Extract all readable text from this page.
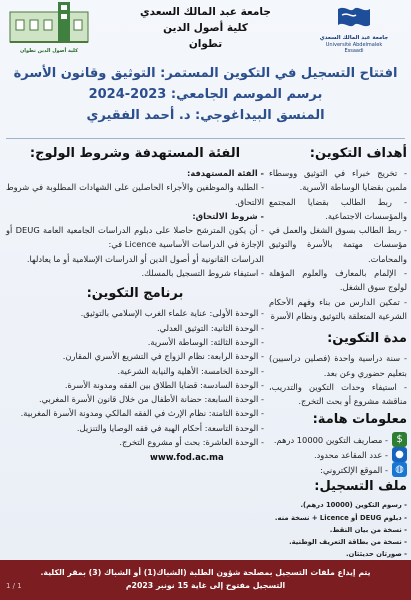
كلية أصول الدين تطوان
جامعة عبد المالك السعدي
كلية أصول الدين
تطوان	جامعة عبد المالك السعدي
Université Abdelmalek Essaadi
افتتاح التسجيل في التكوين المستمر: التوثيق وقانون الأسرة
برسم الموسم الجامعي: 2023-2024
المنسق البيداغوجي: د. أحمد الفقيري
أهداف التكوين:
- تخريج خبراء في التوثيق ووسطاء ملمين بقضايا الوساطة الأسرية.
- ربط الطالب بقضايا المجتمع والمؤسسات الاجتماعية.
- ربط الطالب بسوق الشغل والعمل في مؤسسات مهتمة بالأسرة والتوثيق والمحامات.
- الإلمام بالمعارف والعلوم المؤهلة لولوج سوق الشغل.
- تمكين الدارس من بناء وفهم الأحكام الشرعية المتعلقة بالتوثيق ونظام الأسرة
مدة التكوين:
- سنة دراسية واحدة (فصلين دراسيين) بتعليم حضوري وعن بعد.
- استيفاء وحدات التكوين والتدريب، مناقشة مشروع أو بحث التخرج.
معلومات هامة:
$
- مصاريف التكوين 10000 درهم.
●
- عدد المقاعد محدود.
◍
- الموقع الإلكتروني:
ملف التسجيل:
- رسوم التكوين (10000 درهم).
- دبلوم DEUG أو Licence + نسخة منه.
- نسخة من بيان النقط.
- نسخة من بطاقة التعريف الوطنية.
- صورتان حديثتان.
www.fod.ac.ma
الفئة المستهدفة وشروط الولوج:
- الفئة المستهدفة:
- الطلبة والموظفين والأجراء الحاصلين على الشهادات المطلوبة في شروط الالتحاق.
- شروط الالتحاق:
- أن يكون المترشح حاصلا على دبلوم الدراسات الجامعية العامة DEUG أو الإجازة في الدراسات الأساسية Licence في:
الدراسات القانونية أو أصول الدين أو الدراسات الإسلامية أو ما يعادلها.
- استيفاء شروط التسجيل بالمسلك.
برنامج التكوين:
- الوحدة الأولى: عناية علماء الغرب الإسلامي بالتوثيق.
- الوحدة الثانية: التوثيق العدلي.
- الوحدة الثالثة: الوساطة الأسرية.
- الوحدة الرابعة: نظام الزواج في التشريع الأسري المقارن.
- الوحدة الخامسة: الأهلية والنيابة الشرعية.
- الوحدة السادسة: قضايا الطلاق بين الفقه ومدونة الأسرة.
- الوحدة السابعة: حضانة الأطفال من خلال قانون الأسرة المغربي.
- الوحدة الثامنة: نظام الإرث في الفقه المالكي ومدونة الأسرة المغربية.
- الوحدة التاسعة: أحكام الهبة في فقه الوصايا والتنزيل.
- الوحدة العاشرة: بحث أو مشروع التخرج.
يتم إيداع ملفات التسجيل بمصلحة شؤون الطلبة (الشباك(1) أو الشباك (3) بمقر الكلية.
التسجيل مفتوح إلى غاية 15 نونبر 2023م
1 / 1
